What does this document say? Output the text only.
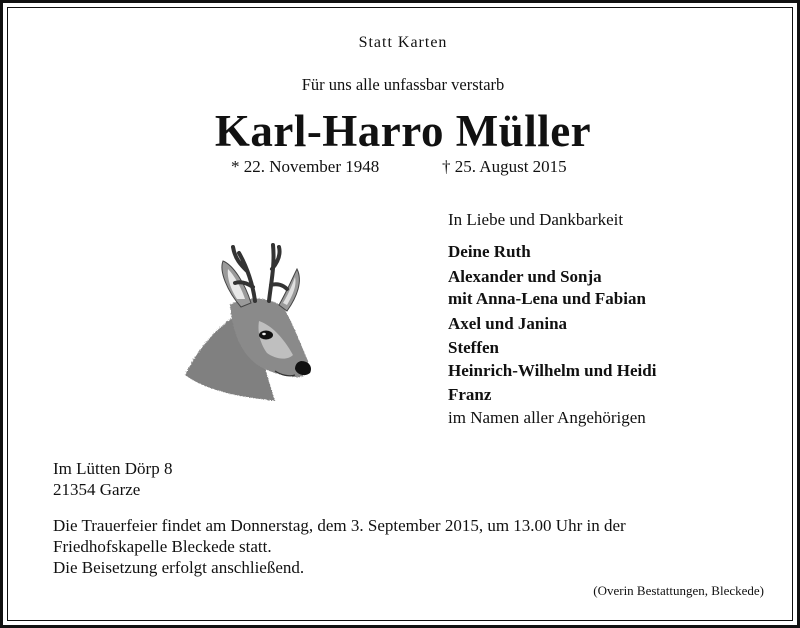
Statt Karten
Für uns alle unfassbar verstarb
Karl-Harro Müller
* 22. November 1948	† 25. August 2015
In Liebe und Dankbarkeit
Deine Ruth
Alexander und Sonja
mit Anna-Lena und Fabian
Axel und Janina
Steffen
Heinrich-Wilhelm und Heidi
Franz
im Namen aller Angehörigen
Im Lütten Dörp 8
21354 Garze
Die Trauerfeier findet am Donnerstag, dem 3. September 2015, um 13.00 Uhr in der
Friedhofskapelle Bleckede statt.
Die Beisetzung erfolgt anschließend.
(Overin Bestattungen, Bleckede)
